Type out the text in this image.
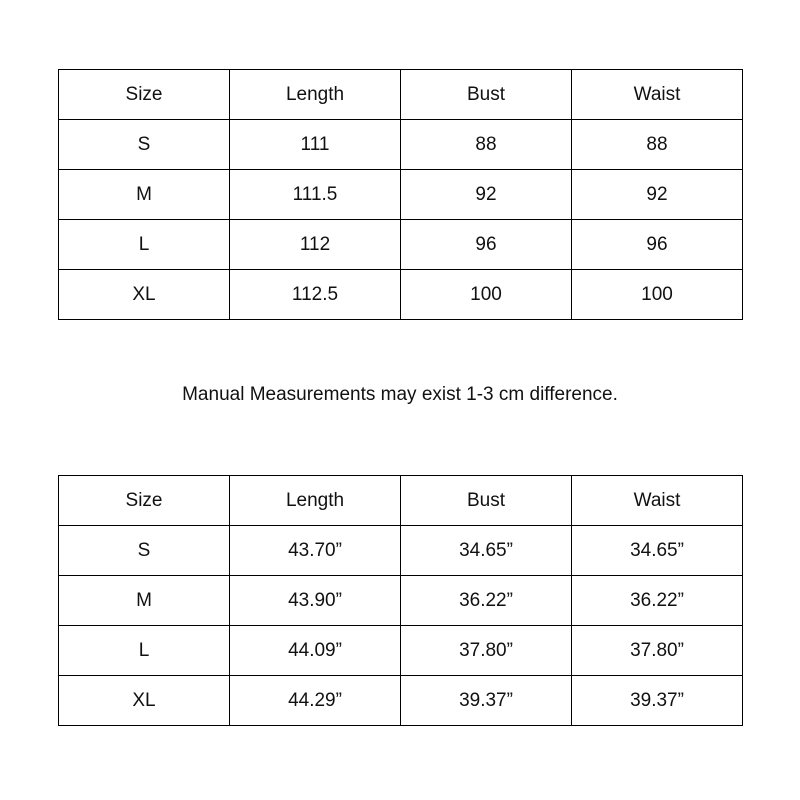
Size	Length	Bust	Waist
S	111	88	88
M	111.5	92	92
L	112	96	96
XL	112.5	100	100
Manual Measurements may exist 1-3 cm difference.
Size	Length	Bust	Waist
S	43.70”	34.65”	34.65”
M	43.90”	36.22”	36.22”
L	44.09”	37.80”	37.80”
XL	44.29”	39.37”	39.37”
